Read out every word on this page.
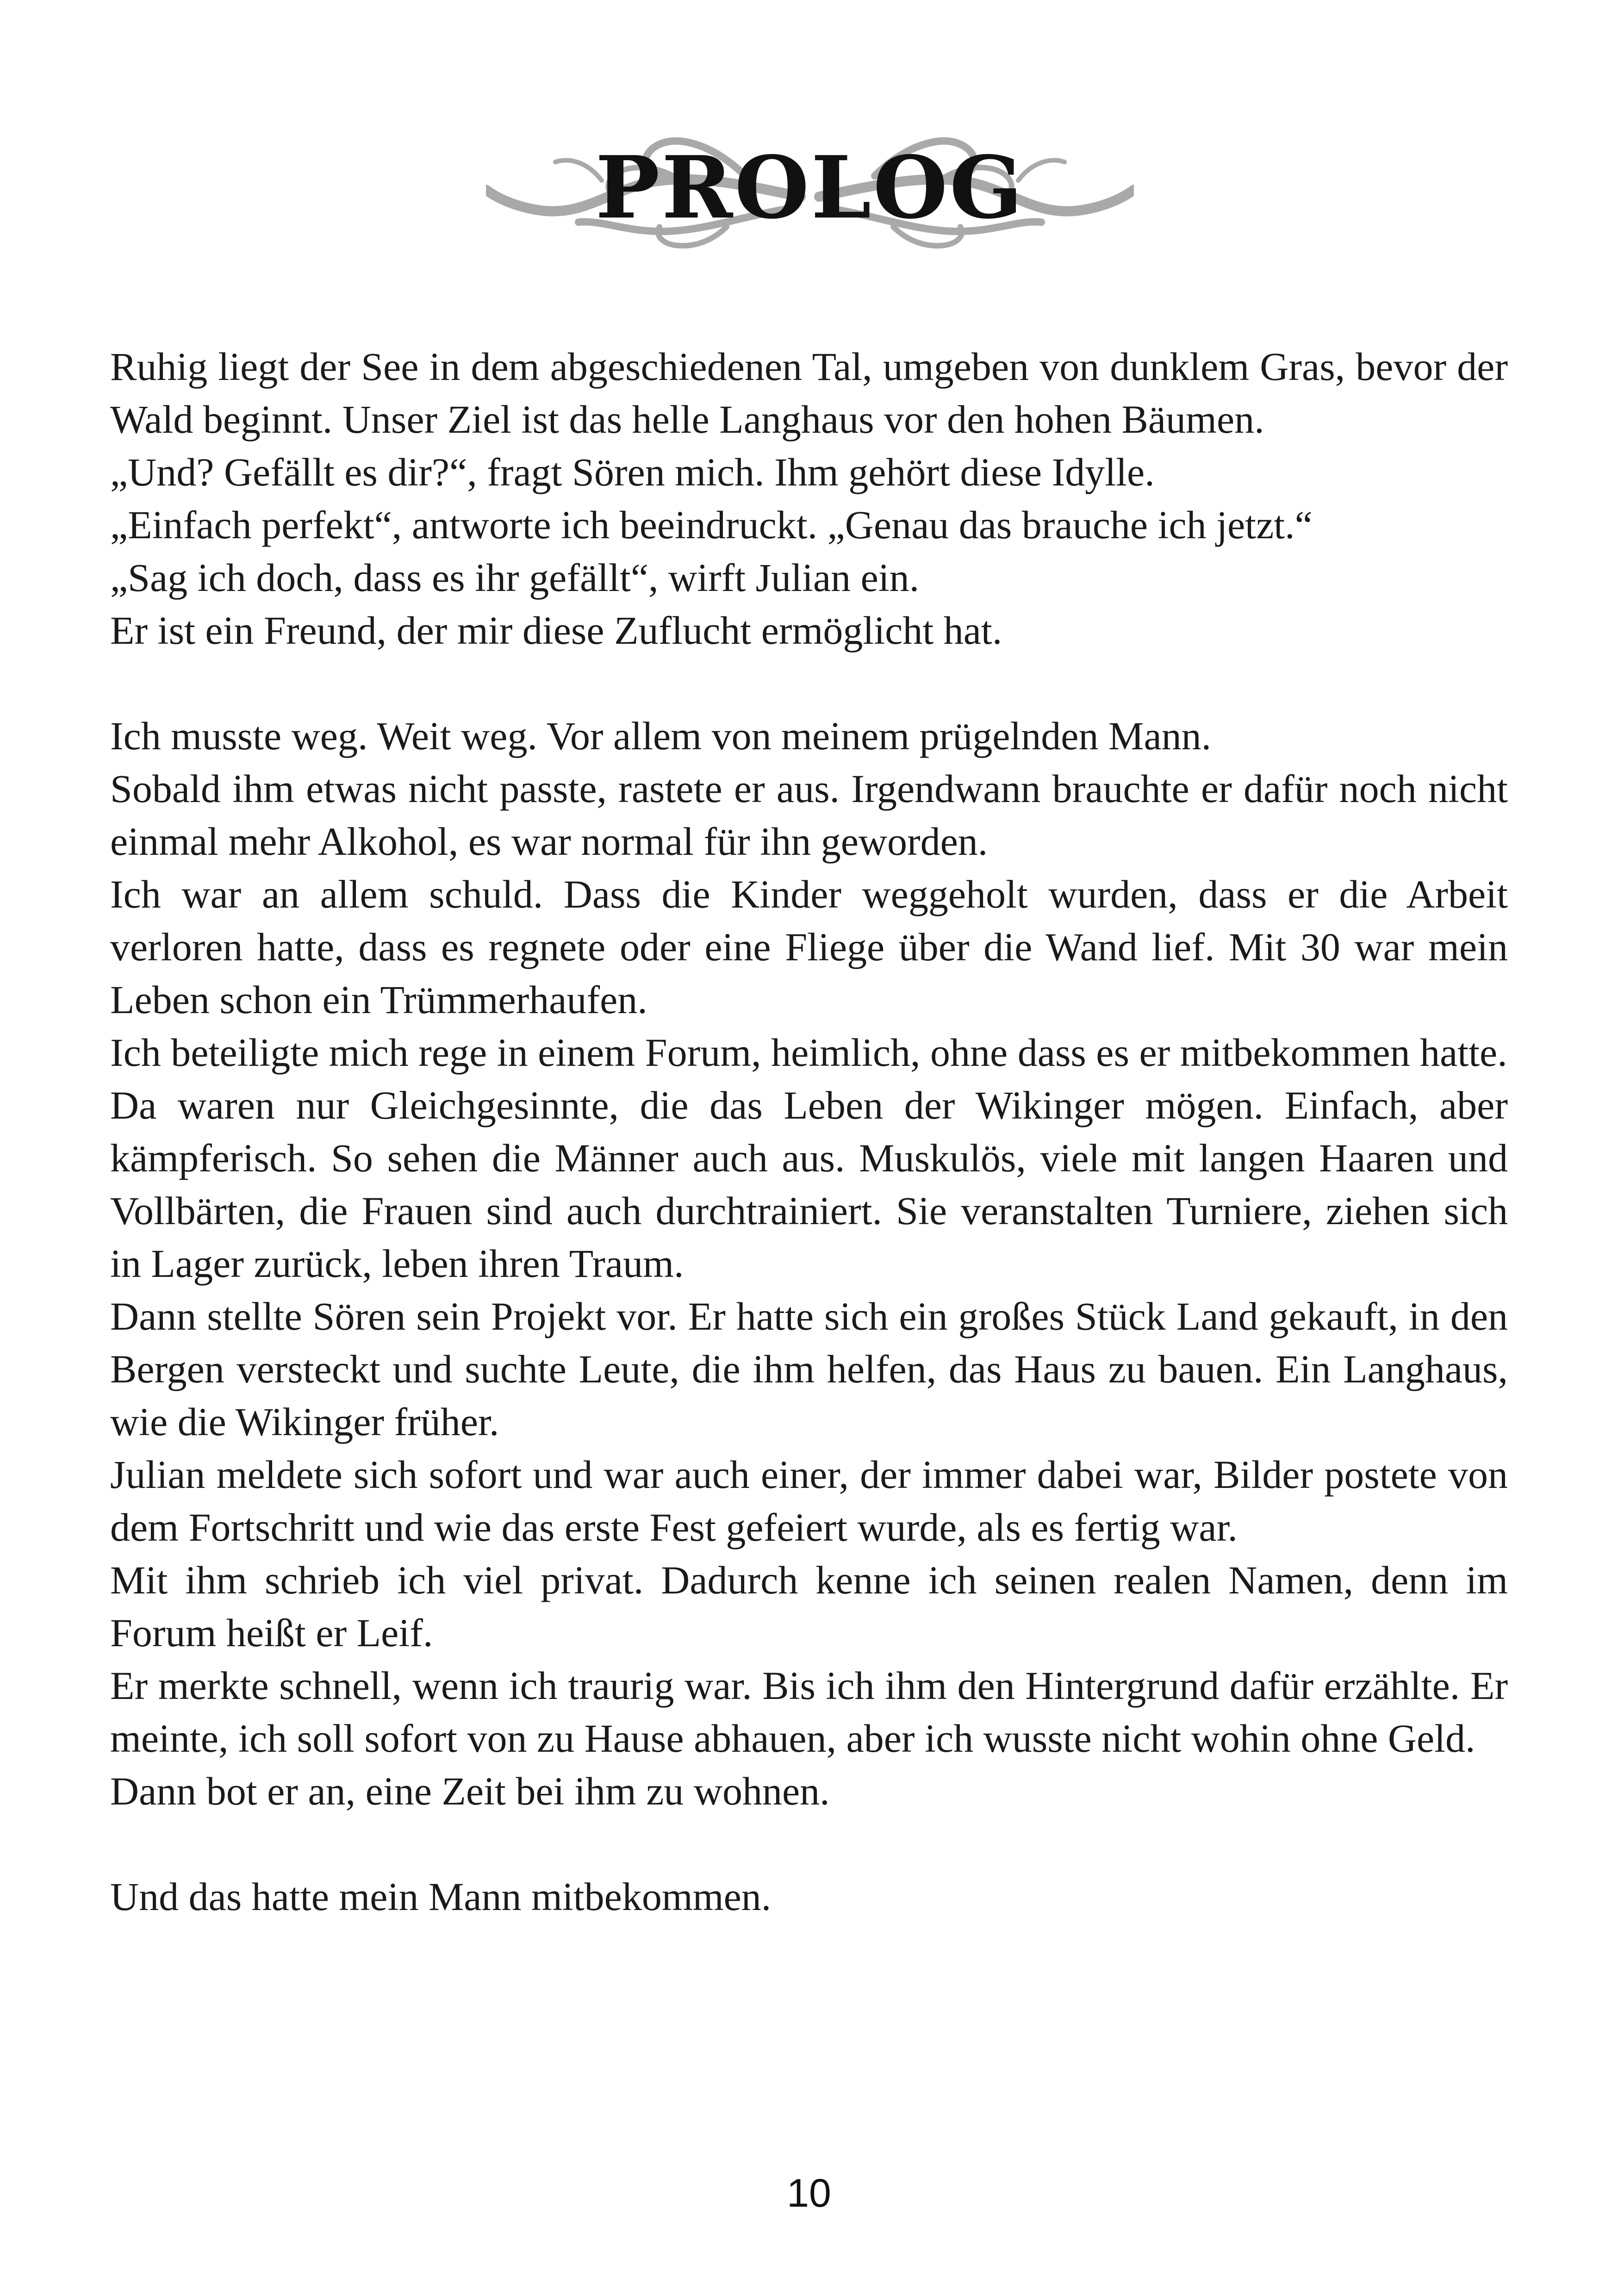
PROLOG

Ruhig liegt der See in dem abgeschiedenen Tal, umgeben von dunklem Gras, bevor der Wald beginnt. Unser Ziel ist das helle Langhaus vor den hohen Bäumen.

„Und? Gefällt es dir?“, fragt Sören mich. Ihm gehört diese Idylle.

„Einfach perfekt“, antworte ich beeindruckt. „Genau das brauche ich jetzt.“

„Sag ich doch, dass es ihr gefällt“, wirft Julian ein.

Er ist ein Freund, der mir diese Zuflucht ermöglicht hat.

Ich musste weg. Weit weg. Vor allem von meinem prügelnden Mann.

Sobald ihm etwas nicht passte, rastete er aus. Irgendwann brauchte er dafür noch nicht einmal mehr Alkohol, es war normal für ihn geworden.

Ich war an allem schuld. Dass die Kinder weggeholt wurden, dass er die Arbeit verloren hatte, dass es regnete oder eine Fliege über die Wand lief. Mit 30 war mein Leben schon ein Trümmerhaufen.

Ich beteiligte mich rege in einem Forum, heimlich, ohne dass es er mitbekommen hatte.

Da waren nur Gleichgesinnte, die das Leben der Wikinger mögen. Einfach, aber kämpferisch. So sehen die Männer auch aus. Muskulös, viele mit langen Haaren und Vollbärten, die Frauen sind auch durchtrainiert. Sie veranstalten Turniere, ziehen sich in Lager zurück, leben ihren Traum.

Dann stellte Sören sein Projekt vor. Er hatte sich ein großes Stück Land gekauft, in den Bergen versteckt und suchte Leute, die ihm helfen, das Haus zu bauen. Ein Langhaus, wie die Wikinger früher.

Julian meldete sich sofort und war auch einer, der immer dabei war, Bilder postete von dem Fortschritt und wie das erste Fest gefeiert wurde, als es fertig war.

Mit ihm schrieb ich viel privat. Dadurch kenne ich seinen realen Namen, denn im Forum heißt er Leif.

Er merkte schnell, wenn ich traurig war. Bis ich ihm den Hintergrund dafür erzählte. Er meinte, ich soll sofort von zu Hause abhauen, aber ich wusste nicht wohin ohne Geld.

Dann bot er an, eine Zeit bei ihm zu wohnen.

Und das hatte mein Mann mitbekommen.

10
